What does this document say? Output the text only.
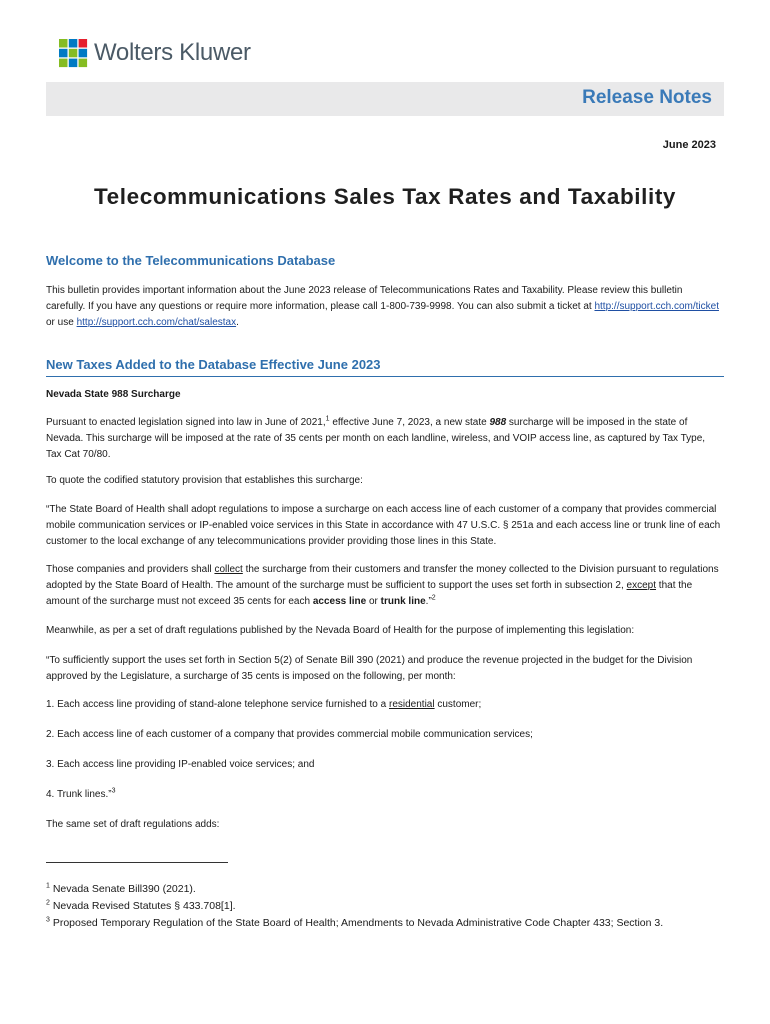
Wolters Kluwer
Release Notes
June 2023
Telecommunications Sales Tax Rates and Taxability
Welcome to the Telecommunications Database
This bulletin provides important information about the June 2023 release of Telecommunications Rates and Taxability. Please review this bulletin carefully. If you have any questions or require more information, please call 1-800-739-9998. You can also submit a ticket at http://support.cch.com/ticket or use http://support.cch.com/chat/salestax.
New Taxes Added to the Database Effective June 2023
Nevada State 988 Surcharge
Pursuant to enacted legislation signed into law in June of 2021,$^1$ effective June 7, 2023, a new state 988 surcharge will be imposed in the state of Nevada. This surcharge will be imposed at the rate of 35 cents per month on each landline, wireless, and VOIP access line, as captured by Tax Type, Tax Cat 70/80.
To quote the codified statutory provision that establishes this surcharge:
“The State Board of Health shall adopt regulations to impose a surcharge on each access line of each customer of a company that provides commercial mobile communication services or IP-enabled voice services in this State in accordance with 47 U.S.C. § 251a and each access line or trunk line of each customer to the local exchange of any telecommunications provider providing those lines in this State.
Those companies and providers shall collect the surcharge from their customers and transfer the money collected to the Division pursuant to regulations adopted by the State Board of Health. The amount of the surcharge must be sufficient to support the uses set forth in subsection 2, except that the amount of the surcharge must not exceed 35 cents for each access line or trunk line.”$^2$
Meanwhile, as per a set of draft regulations published by the Nevada Board of Health for the purpose of implementing this legislation:
“To sufficiently support the uses set forth in Section 5(2) of Senate Bill 390 (2021) and produce the revenue projected in the budget for the Division approved by the Legislature, a surcharge of 35 cents is imposed on the following, per month:
1. Each access line providing of stand-alone telephone service furnished to a residential customer;
2. Each access line of each customer of a company that provides commercial mobile communication services;
3. Each access line providing IP-enabled voice services; and
4. Trunk lines.”$^3$
The same set of draft regulations adds:
$^1$ Nevada Senate Bill390 (2021).
$^2$ Nevada Revised Statutes § 433.708[1].
$^3$ Proposed Temporary Regulation of the State Board of Health; Amendments to Nevada Administrative Code Chapter 433; Section 3.
